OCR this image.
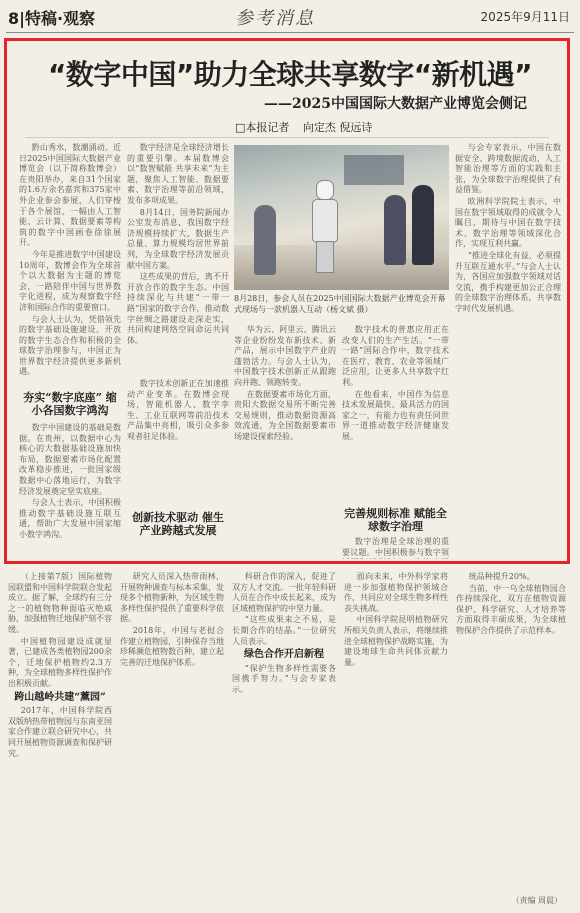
8|特稿·观察	参考消息	2025年9月11日
“数字中国”助力全球共享数字“新机遇”
——2025中国国际大数据产业博览会侧记
□本报记者 向定杰 倪远诗

黔山秀水，数潮涌动。近日2025中国国际大数据产业博览会（以下简称数博会）在贵阳举办，来自31个国家的1.6万余名嘉宾和375家中外企业参会参展，人们穿梭于各个展馆，一幅由人工智能、云计算、数据要素等构筑的数字中国画卷徐徐展开。

今年是推进数字中国建设10周年，数博会作为全球首个以大数据为主题的博览会，一路陪伴中国与世界数字化进程，成为观察数字经济和国际合作的重要窗口。

与会人士认为，凭借领先的数字基础设施建设、开放的数字生态合作和积极的全球数字治理参与，中国正为世界数字经济提供更多新机遇。

夯实“数字底座” 缩小各国数字鸿沟

数字中国建设的基础是数据。在贵州，以数据中心为核心的大数据基础设施加快布局，数据要素市场化配置改革稳步推进，一批国家级数据中心落地运行，为数字经济发展奠定坚实底座。

与会人士表示，中国积极推动数字基础设施互联互通，帮助广大发展中国家缩小数字鸿沟。

数字经济是全球经济增长的重要引擎。本届数博会以“数智赋能 共享未来”为主题，聚焦人工智能、数据要素、数字治理等前沿领域，发布多项成果。

8月14日，国务院新闻办公室发布消息，我国数字经济规模持续扩大，数据生产总量、算力规模均居世界前列，为全球数字经济发展贡献中国方案。

这些成果的背后，离不开开放合作的数字生态。中国持续深化与共建“一带一路”国家的数字合作，推动数字丝绸之路建设走深走实，共同构建网络空间命运共同体。

创新技术驱动 催生产业跨越式发展

数字技术创新正在加速推动产业变革。在数博会现场，智能机器人、数字孪生、工业互联网等前沿技术产品集中亮相，吸引众多参观者驻足体验。

8月28日，参会人员在2025中国国际大数据产业博览会开幕式现场与一款机器人互动（杨文斌 摄）

华为云、阿里云、腾讯云等企业纷纷发布新技术、新产品，展示中国数字产业的蓬勃活力。与会人士认为，中国数字技术创新正从跟跑向并跑、领跑转变。

在数据要素市场化方面，贵阳大数据交易所不断完善交易规则，推动数据资源高效流通，为全国数据要素市场建设探索经验。

数字技术的普惠应用正在改变人们的生产生活。“一带一路”国际合作中，数字技术在医疗、教育、农业等领域广泛应用，让更多人共享数字红利。

在他看来，中国作为信息技术发展最快、最具活力的国家之一，有能力也有责任同世界一道推动数字经济健康发展。

完善规则标准 赋能全球数字治理

数字治理是全球治理的重要议题。中国积极参与数字领

与会专家表示，中国在数据安全、跨境数据流动、人工智能治理等方面的实践和主张，为全球数字治理提供了有益借鉴。

欧洲科学院院士表示，中国在数字领域取得的成就令人瞩目，期待与中国在数字技术、数字治理等领域深化合作，实现互利共赢。

“推进全球化有益，必须提升互联互通水平。”与会人士认为，各国应加强数字领域对话交流，携手构建更加公正合理的全球数字治理体系，共享数字时代发展机遇。

（上接第7版）国际植物园联盟和中国科学院联合发起成立。据了解，全球约有三分之一的植物物种面临灭绝威胁，加强植物迁地保护刻不容缓。

中国植物园建设成就显著，已建成各类植物园200余个，迁地保护植物约2.3万种，为全球植物多样性保护作出积极贡献。

跨山越岭共建“薰园”

2017年，中国科学院西双版纳热带植物园与东南亚国家合作建立联合研究中心，共同开展植物资源调查和保护研究。

研究人员深入热带雨林，开展物种调查与标本采集，发现多个植物新种，为区域生物多样性保护提供了重要科学依据。

2018年，中国与老挝合作建立植物园，引种保存当地珍稀濒危植物数百种，建立起完善的迁地保护体系。

科研合作的深入，促进了双方人才交流。一批年轻科研人员在合作中成长起来，成为区域植物保护的中坚力量。

“这些成果来之不易，是长期合作的结晶。”一位研究人员表示。

绿色合作开启新程

“保护生物多样性需要各国携手努力。”与会专家表示。

面向未来，中外科学家将进一步加强植物保护领域合作，共同应对全球生物多样性丧失挑战。

中国科学院昆明植物研究所相关负责人表示，将继续推进全球植物保护战略实施，为建设地球生命共同体贡献力量。

统品种提升20%。

当前，中一乌全球植物园合作持续深化，双方在植物资源保护、科学研究、人才培养等方面取得丰硕成果，为全球植物保护合作提供了示范样本。

（责编 周晨）
